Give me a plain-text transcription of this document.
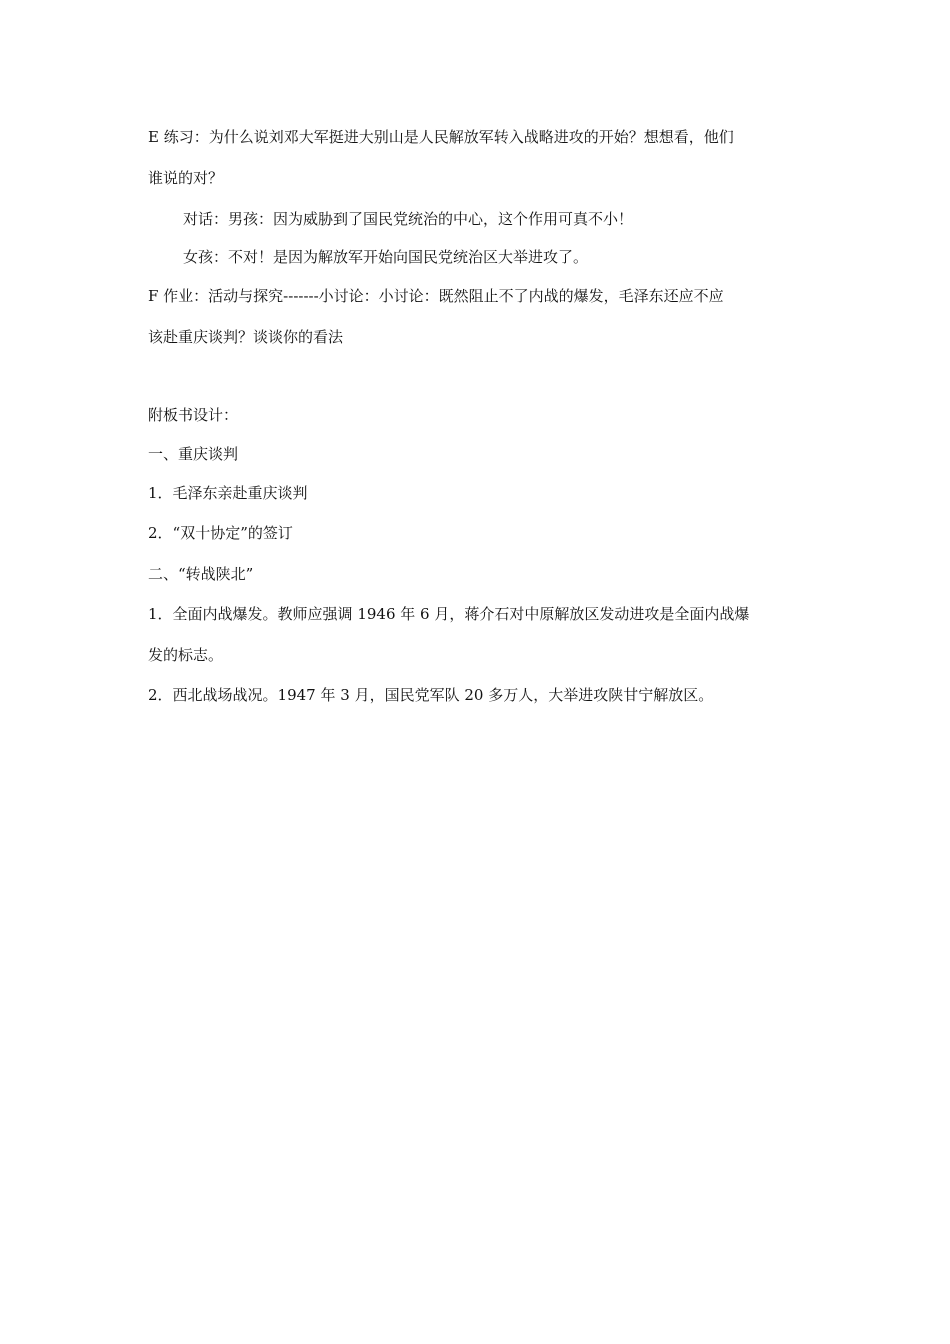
E 练习：为什么说刘邓大军挺进大别山是人民解放军转入战略进攻的开始？想想看，他们
谁说的对？
对话：男孩：因为威胁到了国民党统治的中心，这个作用可真不小！
女孩：不对！是因为解放军开始向国民党统治区大举进攻了。
F 作业：活动与探究-------小讨论：小讨论：既然阻止不了内战的爆发，毛泽东还应不应
该赴重庆谈判？谈谈你的看法
附板书设计：
一、重庆谈判
1．毛泽东亲赴重庆谈判
2．“双十协定”的签订
二、“转战陕北”
1．全面内战爆发。教师应强调 1946 年 6 月，蒋介石对中原解放区发动进攻是全面内战爆
发的标志。
2．西北战场战况。1947 年 3 月，国民党军队 20 多万人，大举进攻陕甘宁解放区。
